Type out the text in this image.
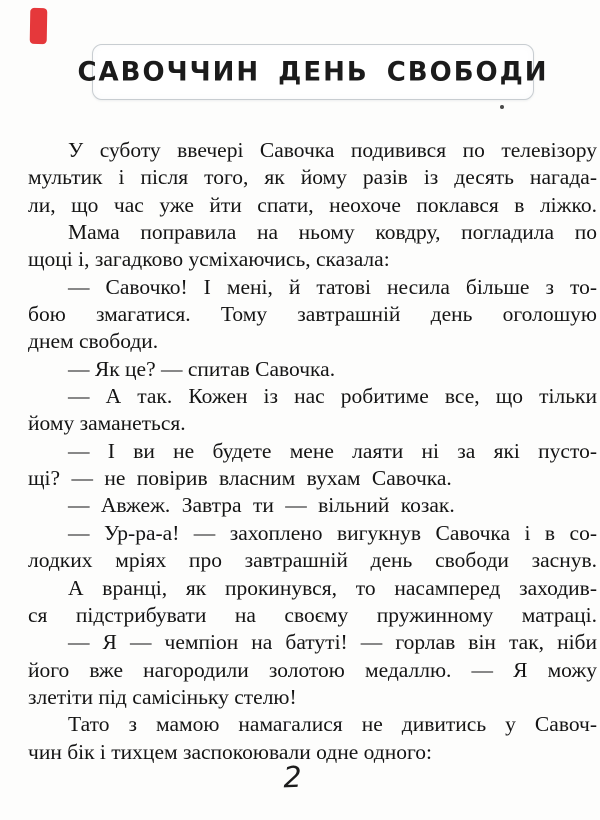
САВОЧЧИН ДЕНЬ СВОБОДИ
У суботу ввечері Савочка подивився по телевізору
мультик і після того, як йому разів із десять нагада-
ли, що час уже йти спати, неохоче поклався в ліжко.
Мама поправила на ньому ковдру, погладила по
щоці і, загадково усміхаючись, сказала:
— Савочко! І мені, й татові несила більше з то-
бою змагатися. Тому завтрашній день оголошую
днем свободи.
— Як це? — спитав Савочка.
— А так. Кожен із нас робитиме все, що тільки
йому заманеться.
— І ви не будете мене лаяти ні за які пусто-
щі? — не повірив власним вухам Савочка.
— Авжеж. Завтра ти — вільний козак.
— Ур-ра-а! — захоплено вигукнув Савочка і в со-
лодких мріях про завтрашній день свободи заснув.
А вранці, як прокинувся, то насамперед заходив-
ся підстрибувати на своєму пружинному матраці.
— Я — чемпіон на батуті! — горлав він так, ніби
його вже нагородили золотою медаллю. — Я можу
злетіти під самісіньку стелю!
Тато з мамою намагалися не дивитись у Савоч-
чин бік і тихцем заспокоювали одне одного:
2
